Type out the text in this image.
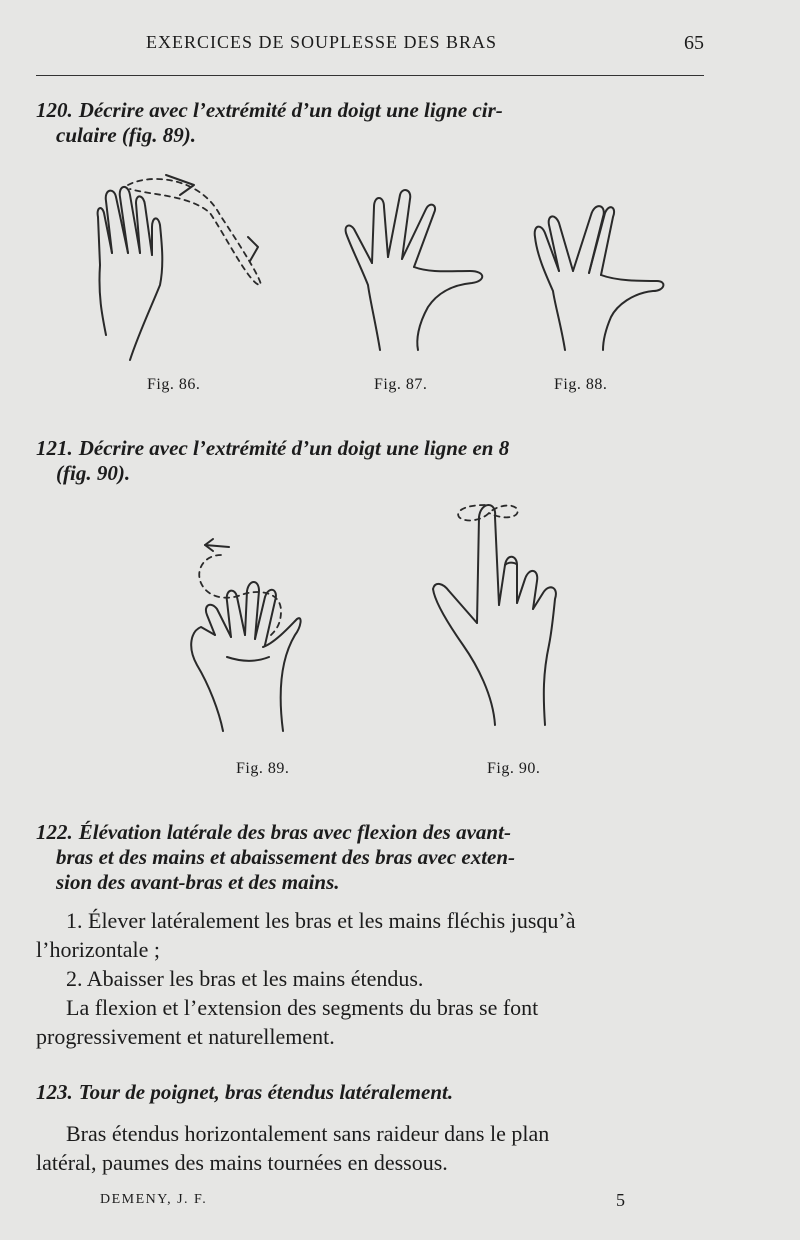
EXERCICES DE SOUPLESSE DES BRAS	65
120. Décrire avec l’extrémité d’un doigt une ligne cir-
culaire (fig. 89).
Fig. 86.	Fig. 87.	Fig. 88.
121. Décrire avec l’extrémité d’un doigt une ligne en 8
(fig. 90).
Fig. 89.	Fig. 90.
122. Élévation latérale des bras avec flexion des avant-
bras et des mains et abaissement des bras avec exten-
sion des avant-bras et des mains.
1. Élever latéralement les bras et les mains fléchis jusqu’à
l’horizontale ;
2. Abaisser les bras et les mains étendus.
La flexion et l’extension des segments du bras se font
progressivement et naturellement.
123. Tour de poignet, bras étendus latéralement.
Bras étendus horizontalement sans raideur dans le plan
latéral, paumes des mains tournées en dessous.
DEMENY, J. F.	5
